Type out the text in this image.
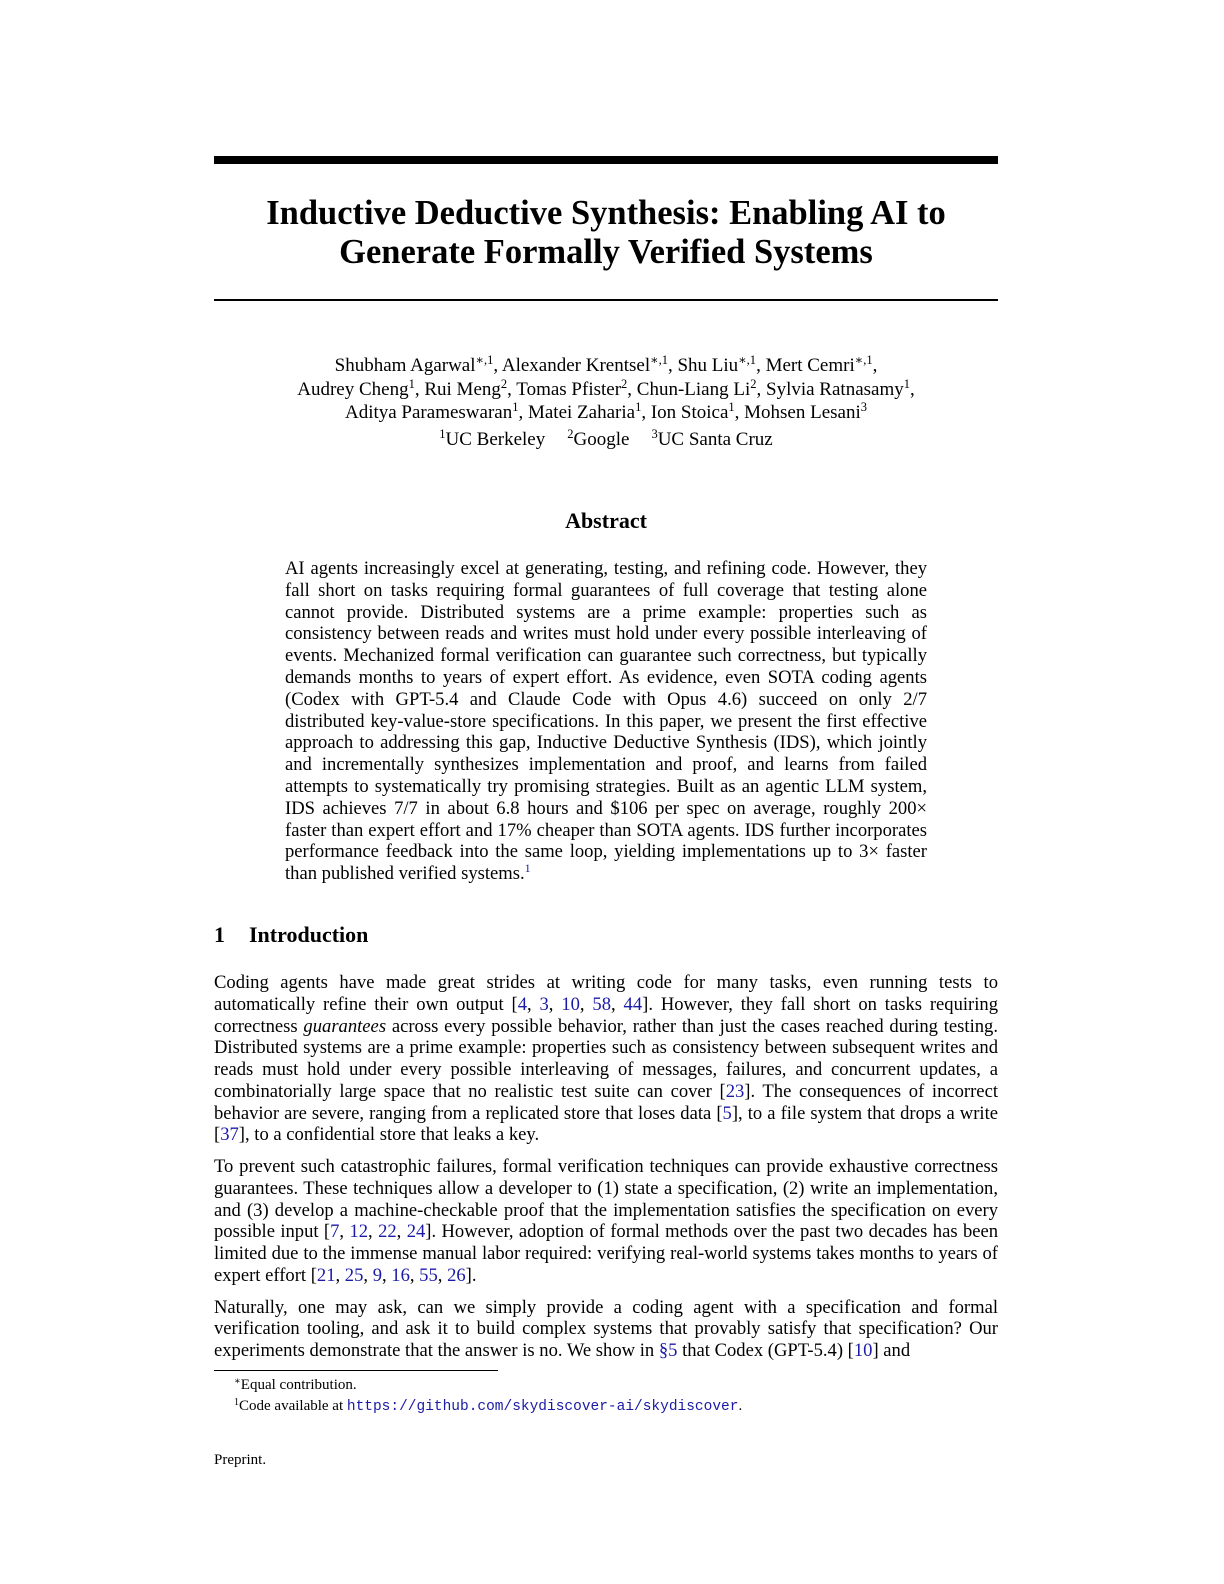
Inductive Deductive Synthesis: Enabling AI to
Generate Formally Verified Systems
Shubham Agarwal$^{∗,1}$, Alexander Krentsel$^{∗,1}$, Shu Liu$^{∗,1}$, Mert Cemri$^{∗,1}$,
Audrey Cheng$^1$, Rui Meng$^2$, Tomas Pfister$^2$, Chun-Liang Li$^2$, Sylvia Ratnasamy$^1$,
Aditya Parameswaran$^1$, Matei Zaharia$^1$, Ion Stoica$^1$, Mohsen Lesani$^3$
$^1$UC Berkeley $^2$Google $^3$UC Santa Cruz
Abstract

AI agents increasingly excel at generating, testing, and refining code. However, they fall short on tasks requiring formal guarantees of full coverage that testing alone cannot provide. Distributed systems are a prime example: properties such as consistency between reads and writes must hold under every possible interleaving of events. Mechanized formal verification can guarantee such correctness, but typically demands months to years of expert effort. As evidence, even SOTA coding agents (Codex with GPT-5.4 and Claude Code with Opus 4.6) succeed on only 2/7 distributed key-value-store specifications. In this paper, we present the first effective approach to addressing this gap, Inductive Deductive Synthesis (IDS), which jointly and incrementally synthesizes implementation and proof, and learns from failed attempts to systematically try promising strategies. Built as an agentic LLM system, IDS achieves 7/7 in about 6.8 hours and $106 per spec on average, roughly 200× faster than expert effort and 17% cheaper than SOTA agents. IDS further incorporates performance feedback into the same loop, yielding implementations up to 3× faster than published verified systems.$^1$

1 Introduction

Coding agents have made great strides at writing code for many tasks, even running tests to automatically refine their own output [4, 3, 10, 58, 44]. However, they fall short on tasks requiring correctness guarantees across every possible behavior, rather than just the cases reached during testing. Distributed systems are a prime example: properties such as consistency between subsequent writes and reads must hold under every possible interleaving of messages, failures, and concurrent updates, a combinatorially large space that no realistic test suite can cover [23]. The consequences of incorrect behavior are severe, ranging from a replicated store that loses data [5], to a file system that drops a write [37], to a confidential store that leaks a key.

To prevent such catastrophic failures, formal verification techniques can provide exhaustive correctness guarantees. These techniques allow a developer to (1) state a specification, (2) write an implementation, and (3) develop a machine-checkable proof that the implementation satisfies the specification on every possible input [7, 12, 22, 24]. However, adoption of formal methods over the past two decades has been limited due to the immense manual labor required: verifying real-world systems takes months to years of expert effort [21, 25, 9, 16, 55, 26].

Naturally, one may ask, can we simply provide a coding agent with a specification and formal verification tooling, and ask it to build complex systems that provably satisfy that specification? Our experiments demonstrate that the answer is no. We show in §5 that Codex (GPT-5.4) [10] and

∗Equal contribution.
$^1$Code available at https://github.com/skydiscover-ai/skydiscover.
Preprint.
